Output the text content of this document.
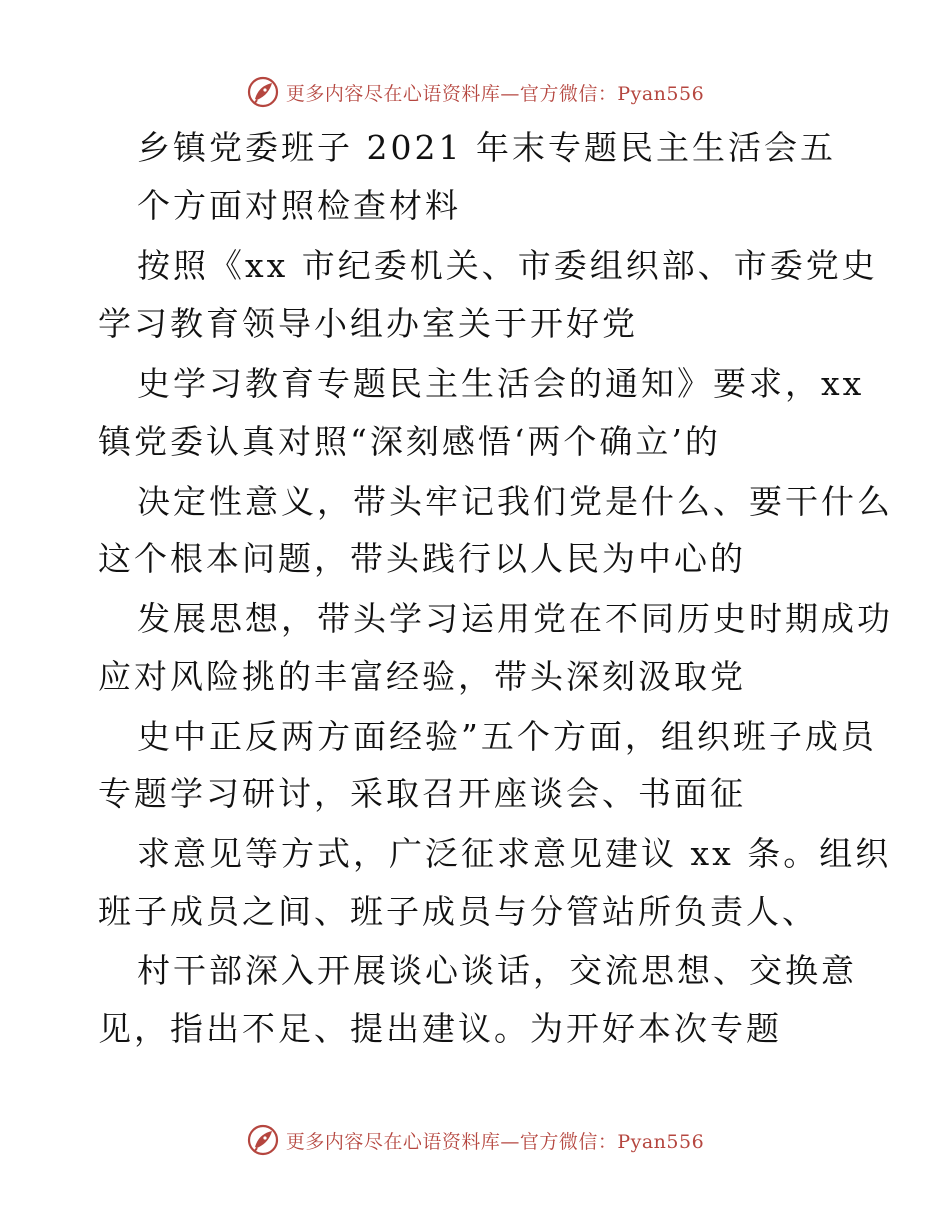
更多内容尽在心语资料库—官方微信：Pyan556
乡镇党委班子 2021 年末专题民主生活会五
个方面对照检查材料
按照《xx 市纪委机关、市委组织部、市委党史
学习教育领导小组办室关于开好党
史学习教育专题民主生活会的通知》要求，xx
镇党委认真对照“深刻感悟‘两个确立’的
决定性意义，带头牢记我们党是什么、要干什么
这个根本问题，带头践行以人民为中心的
发展思想，带头学习运用党在不同历史时期成功
应对风险挑的丰富经验，带头深刻汲取党
史中正反两方面经验”五个方面，组织班子成员
专题学习研讨，采取召开座谈会、书面征
求意见等方式，广泛征求意见建议 xx 条。组织
班子成员之间、班子成员与分管站所负责人、
村干部深入开展谈心谈话，交流思想、交换意
见，指出不足、提出建议。为开好本次专题
更多内容尽在心语资料库—官方微信：Pyan556
